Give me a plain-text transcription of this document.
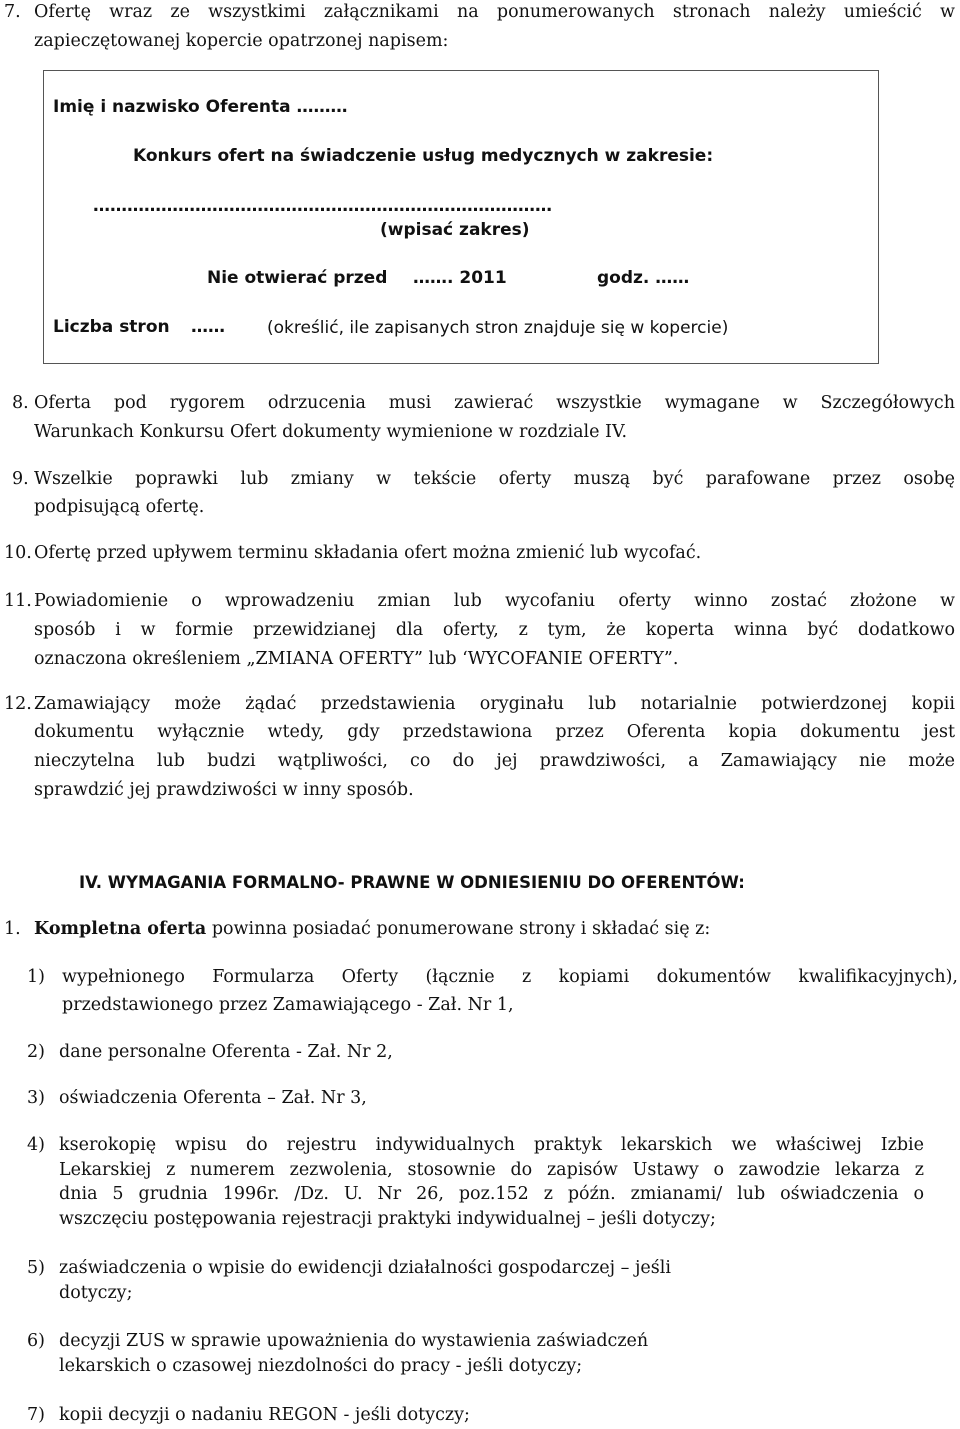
7. Ofertę wraz ze wszystkimi załącznikami na ponumerowanych stronach należy umieścić w
zapieczętowanej kopercie opatrzonej napisem:
Imię i nazwisko Oferenta ………
Konkurs ofert na świadczenie usług medycznych w zakresie:
………………………………………………………………………
(wpisać zakres)
Nie otwierać przed ……. 2011	godz. ……
Liczba stron …… (określić, ile zapisanych stron znajduje się w kopercie)
8. Oferta pod rygorem odrzucenia musi zawierać wszystkie wymagane w Szczegółowych
Warunkach Konkursu Ofert dokumenty wymienione w rozdziale IV.
9. Wszelkie poprawki lub zmiany w tekście oferty muszą być parafowane przez osobę
podpisującą ofertę.
10. Ofertę przed upływem terminu składania ofert można zmienić lub wycofać.
11. Powiadomienie o wprowadzeniu zmian lub wycofaniu oferty winno zostać złożone w
sposób i w formie przewidzianej dla oferty, z tym, że koperta winna być dodatkowo
oznaczona określeniem „ZMIANA OFERTY” lub ‘WYCOFANIE OFERTY”.
12. Zamawiający może żądać przedstawienia oryginału lub notarialnie potwierdzonej kopii
dokumentu wyłącznie wtedy, gdy przedstawiona przez Oferenta kopia dokumentu jest
nieczytelna lub budzi wątpliwości, co do jej prawdziwości, a Zamawiający nie może
sprawdzić jej prawdziwości w inny sposób.
IV. WYMAGANIA FORMALNO- PRAWNE W ODNIESIENIU DO OFERENTÓW:
1. Kompletna oferta powinna posiadać ponumerowane strony i składać się z:
1) wypełnionego Formularza Oferty (łącznie z kopiami dokumentów kwalifikacyjnych),
przedstawionego przez Zamawiającego - Zał. Nr 1,
2) dane personalne Oferenta - Zał. Nr 2,
3) oświadczenia Oferenta – Zał. Nr 3,
4) kserokopię wpisu do rejestru indywidualnych praktyk lekarskich we właściwej Izbie
Lekarskiej z numerem zezwolenia, stosownie do zapisów Ustawy o zawodzie lekarza z
dnia 5 grudnia 1996r. /Dz. U. Nr 26, poz.152 z późn. zmianami/ lub oświadczenia o
wszczęciu postępowania rejestracji praktyki indywidualnej – jeśli dotyczy;
5) zaświadczenia o wpisie do ewidencji działalności gospodarczej – jeśli
dotyczy;
6) decyzji ZUS w sprawie upoważnienia do wystawienia zaświadczeń
lekarskich o czasowej niezdolności do pracy - jeśli dotyczy;
7) kopii decyzji o nadaniu REGON - jeśli dotyczy;
